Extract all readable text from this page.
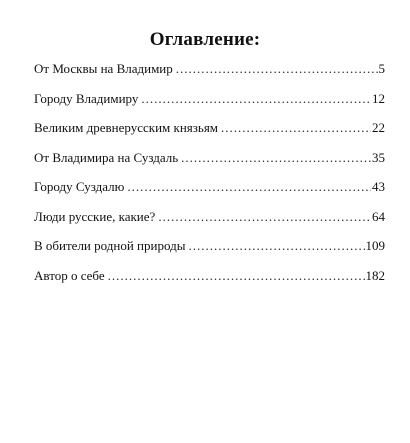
Оглавление:
От Москвы на Владимир .....	5
Городу Владимиру .....	12
Великим древнерусским князьям .....	22
От Владимира на Суздаль .....	35
Городу Суздалю .....	43
Люди русские, какие? .....	64
В обители родной природы .....	109
Автор о себе .....	182
